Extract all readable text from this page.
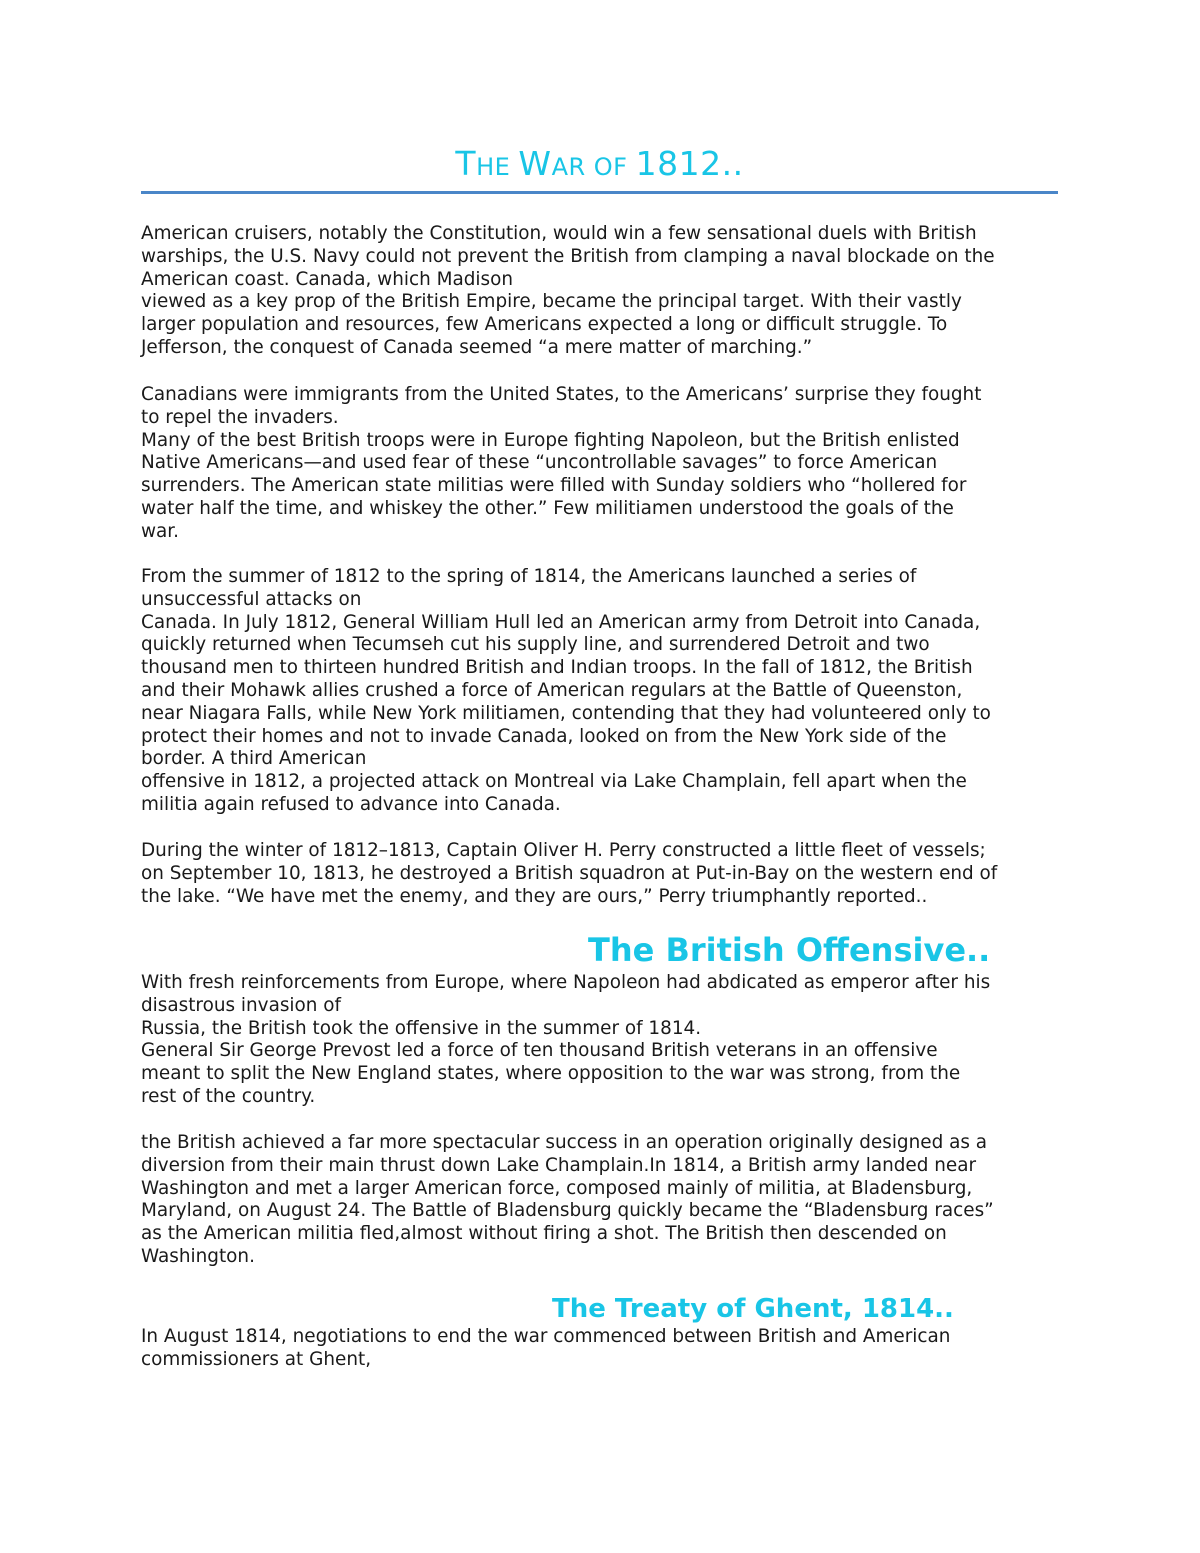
THE WAR OF 1812..

American cruisers, notably the Constitution, would win a few sensational duels with British
warships, the U.S. Navy could not prevent the British from clamping a naval blockade on the
American coast. Canada, which Madison
viewed as a key prop of the British Empire, became the principal target. With their vastly
larger population and resources, few Americans expected a long or difficult struggle. To
Jefferson, the conquest of Canada seemed “a mere matter of marching.”

Canadians were immigrants from the United States, to the Americans’ surprise they fought
to repel the invaders.
Many of the best British troops were in Europe fighting Napoleon, but the British enlisted
Native Americans—and used fear of these “uncontrollable savages” to force American
surrenders. The American state militias were filled with Sunday soldiers who “hollered for
water half the time, and whiskey the other.” Few militiamen understood the goals of the
war.

From the summer of 1812 to the spring of 1814, the Americans launched a series of
unsuccessful attacks on
Canada. In July 1812, General William Hull led an American army from Detroit into Canada,
quickly returned when Tecumseh cut his supply line, and surrendered Detroit and two
thousand men to thirteen hundred British and Indian troops. In the fall of 1812, the British
and their Mohawk allies crushed a force of American regulars at the Battle of Queenston,
near Niagara Falls, while New York militiamen, contending that they had volunteered only to
protect their homes and not to invade Canada, looked on from the New York side of the
border. A third American
offensive in 1812, a projected attack on Montreal via Lake Champlain, fell apart when the
militia again refused to advance into Canada.

During the winter of 1812–1813, Captain Oliver H. Perry constructed a little fleet of vessels;
on September 10, 1813, he destroyed a British squadron at Put-in-Bay on the western end of
the lake. “We have met the enemy, and they are ours,” Perry triumphantly reported..

The British Offensive..

With fresh reinforcements from Europe, where Napoleon had abdicated as emperor after his
disastrous invasion of
Russia, the British took the offensive in the summer of 1814.
General Sir George Prevost led a force of ten thousand British veterans in an offensive
meant to split the New England states, where opposition to the war was strong, from the
rest of the country.

the British achieved a far more spectacular success in an operation originally designed as a
diversion from their main thrust down Lake Champlain.In 1814, a British army landed near
Washington and met a larger American force, composed mainly of militia, at Bladensburg,
Maryland, on August 24. The Battle of Bladensburg quickly became the “Bladensburg races”
as the American militia fled,almost without firing a shot. The British then descended on
Washington.

The Treaty of Ghent, 1814..

In August 1814, negotiations to end the war commenced between British and American
commissioners at Ghent,
